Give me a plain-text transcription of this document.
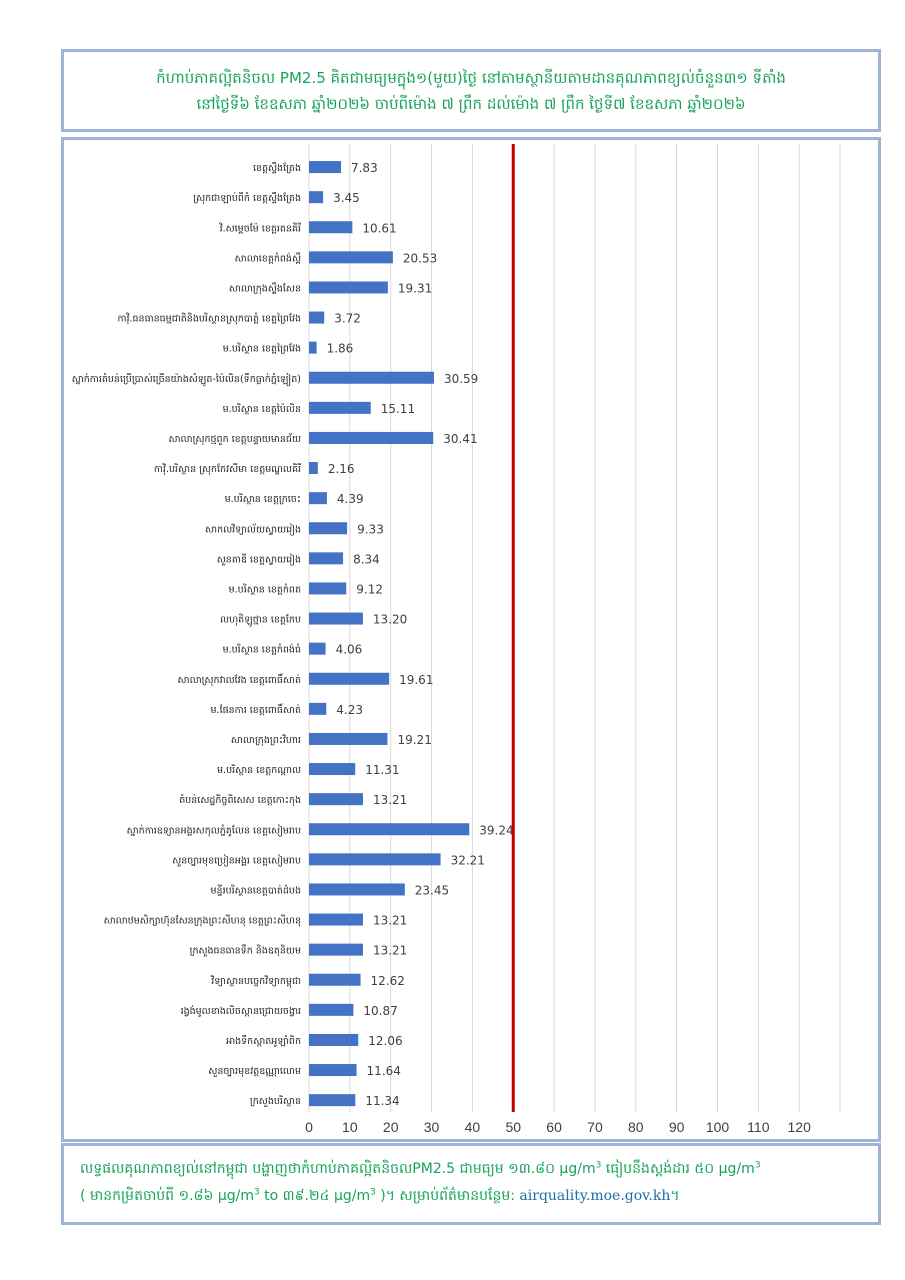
កំហាប់ភាគល្អិតនិចល PM2.5 គិតជាមធ្យមក្នុង១(មួយ)ថ្ងៃ នៅតាមស្ថានីយតាមដានគុណភាពខ្យល់ចំនួន៣១ ទីតាំង
នៅថ្ងៃទី៦ ខែឧសភា ឆ្នាំ២០២៦ ចាប់ពីម៉ោង ៧ ព្រឹក ដល់ម៉ោង ៧ ព្រឹក ថ្ងៃទី៧ ខែឧសភា ឆ្នាំ២០២៦
0 10 20 30 40 50 60 70 80 90 100 110 120
ខេត្តស្ទឹងត្រែង	7.83
ស្រុកជាឡាប់ពីកំ ខេត្តស្ទឹងត្រែង	3.45
វិ.សម្ដេចម៉ែ ខេត្តរតនគិរី	10.61
សាលាខេត្តកំពង់ស្ពឺ	20.53
សាលាក្រុងស្ទឹងសែន	19.31
កាវ៉ិ.ធនធានធម្មជាតិនិងបរិស្ថានស្រុកបាត្ដំ ខេត្តព្រៃវែង	3.72
ម.បរិស្ថាន ខេត្តព្រៃវែង 1.86
ស្នាក់ការតំបន់ប្រើប្រាស់ច្រើនយ៉ាងសំឡូត-ប៉ៃលិន(ទឹកធ្លាក់ភ្នំឡៀត)	30.59
ម.បរិស្ថាន ខេត្តប៉ៃលិន	15.11
សាលាស្រុកថ្មពួក ខេត្តបន្ទាយមានជ័យ	30.41
កាវ៉ិ.បរិស្ថាន ស្រុកកែវសីមា ខេត្តមណ្ឌលគិរី 2.16
ម.បរិស្ថាន ខេត្តក្រចេះ	4.39
សាកលវិទ្យាល័យស្វាយរៀង	9.33
សួនតាឌី ខេត្តស្វាយរៀង	8.34
ម.បរិស្ថាន ខេត្តកំពត	9.12
លហុតិឡូថ្មាន ខេត្តកែប	13.20
ម.បរិស្ថាន ខេត្តកំពង់ធំ	4.06
សាលាស្រុកវាលវែង ខេត្តពោធិ៍សាត់	19.61
ម.ផែនការ ខេត្តពោធិ៍សាត់	4.23
សាលាក្រុងព្រះវិហារ	19.21
ម.បរិស្ថាន ខេត្តកណ្ដាល	11.31
តំបន់សេដ្ឋកិច្ចពិសេស ខេត្តកោះកុង	13.21
ស្នាក់ការឧទ្យានអង្គរសកុលភ្នំគូលែន ខេត្តសៀមរាប	39.24
សួនច្បារមុខប្រៀនអង្គរ ខេត្តសៀមរាប	32.21
មន្ទីរបរិស្ថានខេត្តបាត់ដំបង	23.45
សាលាឋមសិក្សាហ៊ុនសែនក្រុងព្រះសីហនុ ខេត្តព្រះសីហនុ	13.21
ក្រសួងធនធានទឹក និងឧតុនិយម	13.21
វិទ្យាស្ថានបច្ចេកវិទ្យាកម្ពុជា	12.62
រង្វង់មូលខាងលិចស្ពានជ្រោយចង្វារ	10.87
អាងទឹកស្ពាតអូឡាំពិក	12.06
សួនច្បារមុខវត្តឧណ្ណាលោម	11.64
ក្រសួងបរិស្ថាន	11.34
លទ្ធផលគុណភាពខ្យល់នៅកម្ពុជា បង្ហាញថាកំហាប់ភាគល្អិតនិចលPM2.5 ជាមធ្យម ១៣.៨០ $\mu g/m^3$ ធៀបនឹងស្តង់ដារ ៥០ $\mu g/m^3$
( មានកម្រិតចាប់ពី ១.៨៦ $\mu g/m^3$ to ៣៩.២៤ $\mu g/m^3$ )។ សម្រាប់ព័ត៌មានបន្ថែម: airquality.moe.gov.kh។
